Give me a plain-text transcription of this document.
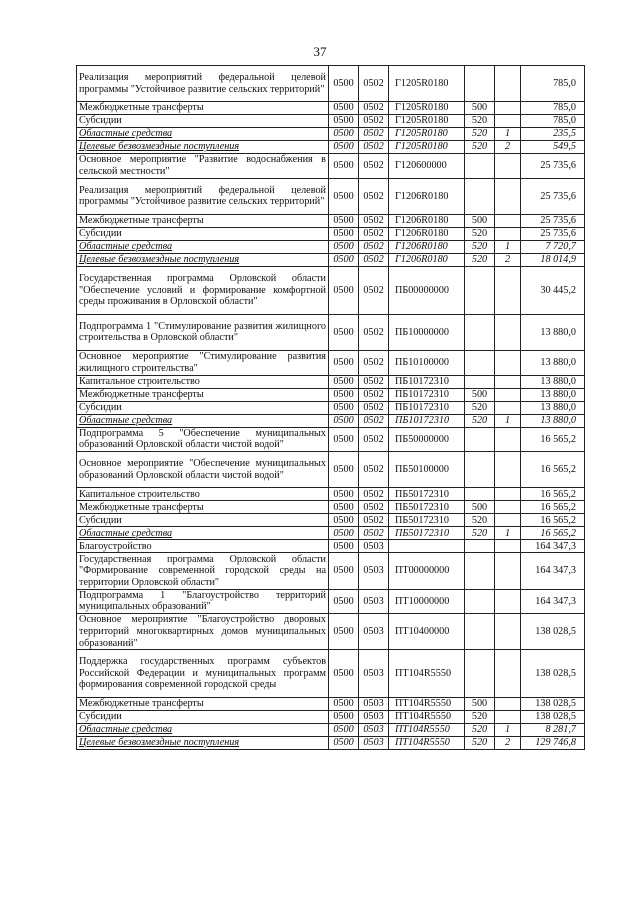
37
Реализация мероприятий федеральной целевой программы "Устойчивое развитие сельских территорий"	0500	0502	Г1205R0180			785,0
Межбюджетные трансферты	0500	0502	Г1205R0180	500		785,0
Субсидии	0500	0502	Г1205R0180	520		785,0
Областные средства	0500	0502	Г1205R0180	520	1	235,5
Целевые безвозмездные поступления	0500	0502	Г1205R0180	520	2	549,5
Основное мероприятие "Развитие водоснабжения в сельской местности"	0500	0502	Г120600000			25 735,6
Реализация мероприятий федеральной целевой программы "Устойчивое развитие сельских территорий"	0500	0502	Г1206R0180			25 735,6
Межбюджетные трансферты	0500	0502	Г1206R0180	500		25 735,6
Субсидии	0500	0502	Г1206R0180	520		25 735,6
Областные средства	0500	0502	Г1206R0180	520	1	7 720,7
Целевые безвозмездные поступления	0500	0502	Г1206R0180	520	2	18 014,9
Государственная программа Орловской области "Обеспечение условий и формирование комфортной среды проживания в Орловской области"	0500	0502	ПБ00000000			30 445,2
Подпрограмма 1 "Стимулирование развития жилищного строительства в Орловской области"	0500	0502	ПБ10000000			13 880,0
Основное мероприятие "Стимулирование развития жилищного строительства"	0500	0502	ПБ10100000			13 880,0
Капитальное строительство	0500	0502	ПБ10172310			13 880,0
Межбюджетные трансферты	0500	0502	ПБ10172310	500		13 880,0
Субсидии	0500	0502	ПБ10172310	520		13 880,0
Областные средства	0500	0502	ПБ10172310	520	1	13 880,0
Подпрограмма 5 "Обеспечение муниципальных образований Орловской области чистой водой"	0500	0502	ПБ50000000			16 565,2
Основное мероприятие "Обеспечение муниципальных образований Орловской области чистой водой"	0500	0502	ПБ50100000			16 565,2
Капитальное строительство	0500	0502	ПБ50172310			16 565,2
Межбюджетные трансферты	0500	0502	ПБ50172310	500		16 565,2
Субсидии	0500	0502	ПБ50172310	520		16 565,2
Областные средства	0500	0502	ПБ50172310	520	1	16 565,2
Благоустройство	0500	0503				164 347,3
Государственная программа Орловской области "Формирование современной городской среды на территории Орловской области"	0500	0503	ПТ00000000			164 347,3
Подпрограмма 1 "Благоустройство территорий муниципальных образований"	0500	0503	ПТ10000000			164 347,3
Основное мероприятие "Благоустройство дворовых территорий многоквартирных домов муниципальных образований"	0500	0503	ПТ10400000			138 028,5
Поддержка государственных программ субъектов Российской Федерации и муниципальных программ формирования современной городской среды	0500	0503	ПТ104R5550			138 028,5
Межбюджетные трансферты	0500	0503	ПТ104R5550	500		138 028,5
Субсидии	0500	0503	ПТ104R5550	520		138 028,5
Областные средства	0500	0503	ПТ104R5550	520	1	8 281,7
Целевые безвозмездные поступления	0500	0503	ПТ104R5550	520	2	129 746,8
